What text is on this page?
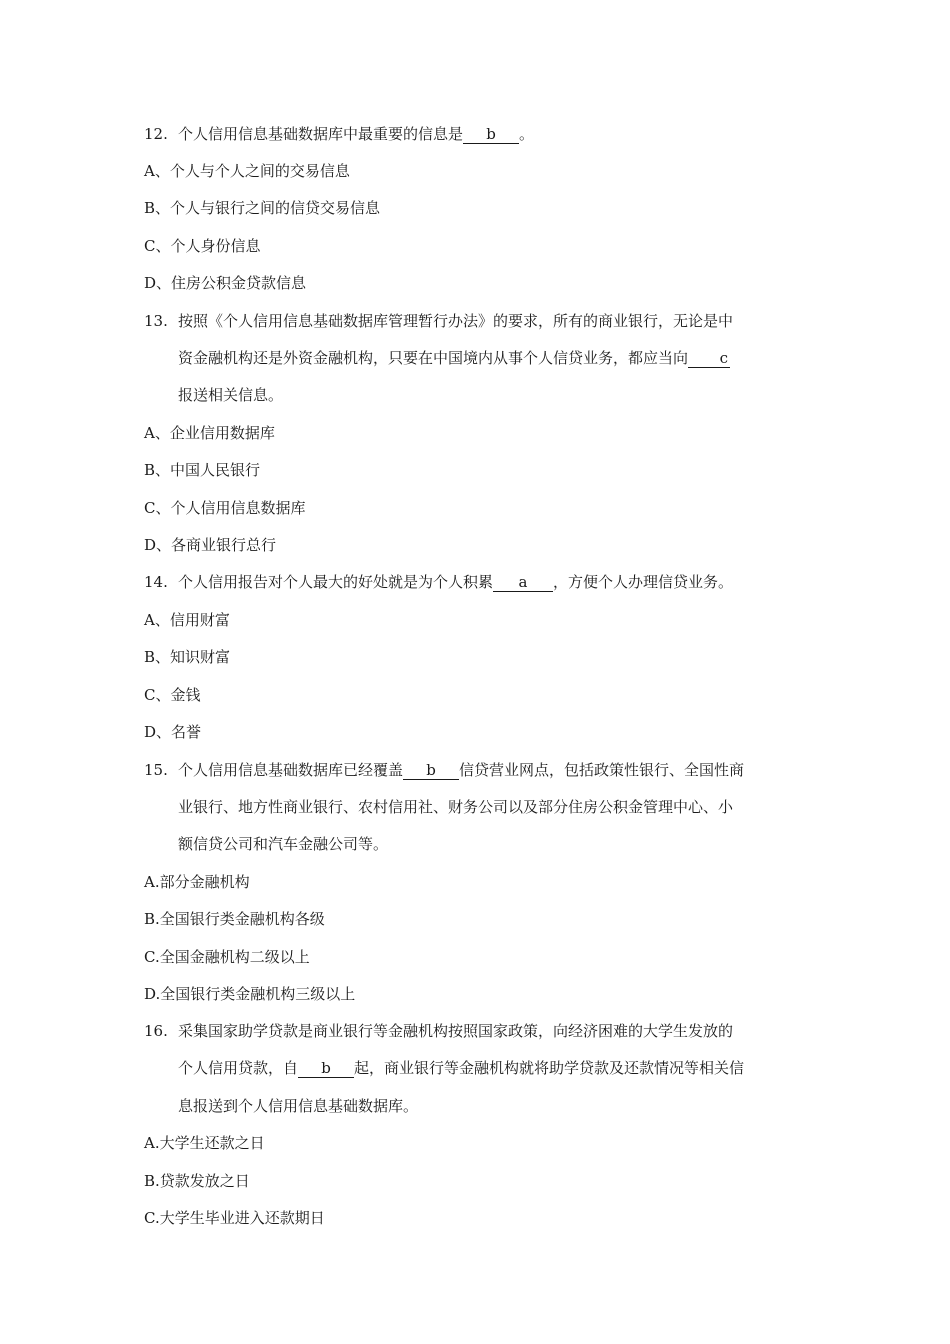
12. 个人信用信息基础数据库中最重要的信息是 b 。
A、个人与个人之间的交易信息
B、个人与银行之间的信贷交易信息
C、个人身份信息
D、住房公积金贷款信息
13. 按照《个人信用信息基础数据库管理暂行办法》的要求，所有的商业银行，无论是中
资金融机构还是外资金融机构，只要在中国境内从事个人信贷业务，都应当向 c
报送相关信息。
A、企业信用数据库
B、中国人民银行
C、个人信用信息数据库
D、各商业银行总行
14. 个人信用报告对个人最大的好处就是为个人积累 a ，方便个人办理信贷业务。
A、信用财富
B、知识财富
C、金钱
D、名誉
15. 个人信用信息基础数据库已经覆盖 b 信贷营业网点，包括政策性银行、全国性商
业银行、地方性商业银行、农村信用社、财务公司以及部分住房公积金管理中心、小
额信贷公司和汽车金融公司等。
A.部分金融机构
B.全国银行类金融机构各级
C.全国金融机构二级以上
D.全国银行类金融机构三级以上
16. 采集国家助学贷款是商业银行等金融机构按照国家政策，向经济困难的大学生发放的
个人信用贷款，自 b 起，商业银行等金融机构就将助学贷款及还款情况等相关信
息报送到个人信用信息基础数据库。
A.大学生还款之日
B.贷款发放之日
C.大学生毕业进入还款期日
